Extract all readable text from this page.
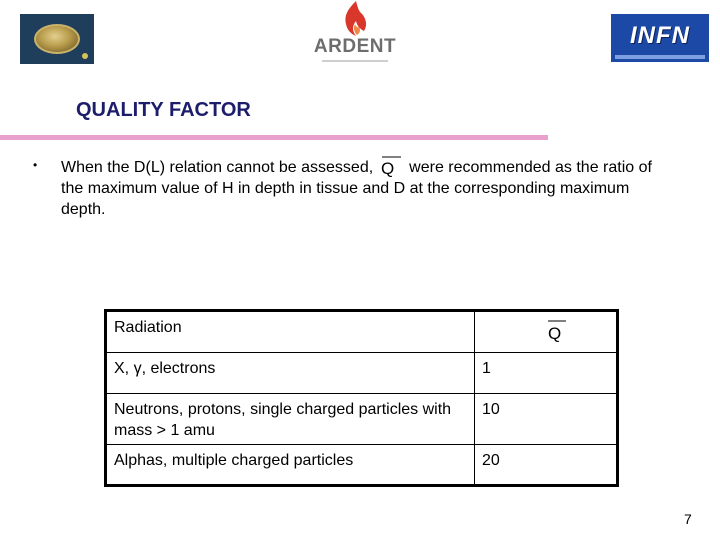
ARDENT	INFN
QUALITY FACTOR
• When the D(L) relation cannot be assessed, Q were recommended as the ratio of the maximum value of H in depth in tissue and D at the corresponding maximum depth.
Radiation	Q

X, γ, electrons	1
Neutrons, protons, single charged particles with mass > 1 amu	10
Alphas, multiple charged particles	20
7
